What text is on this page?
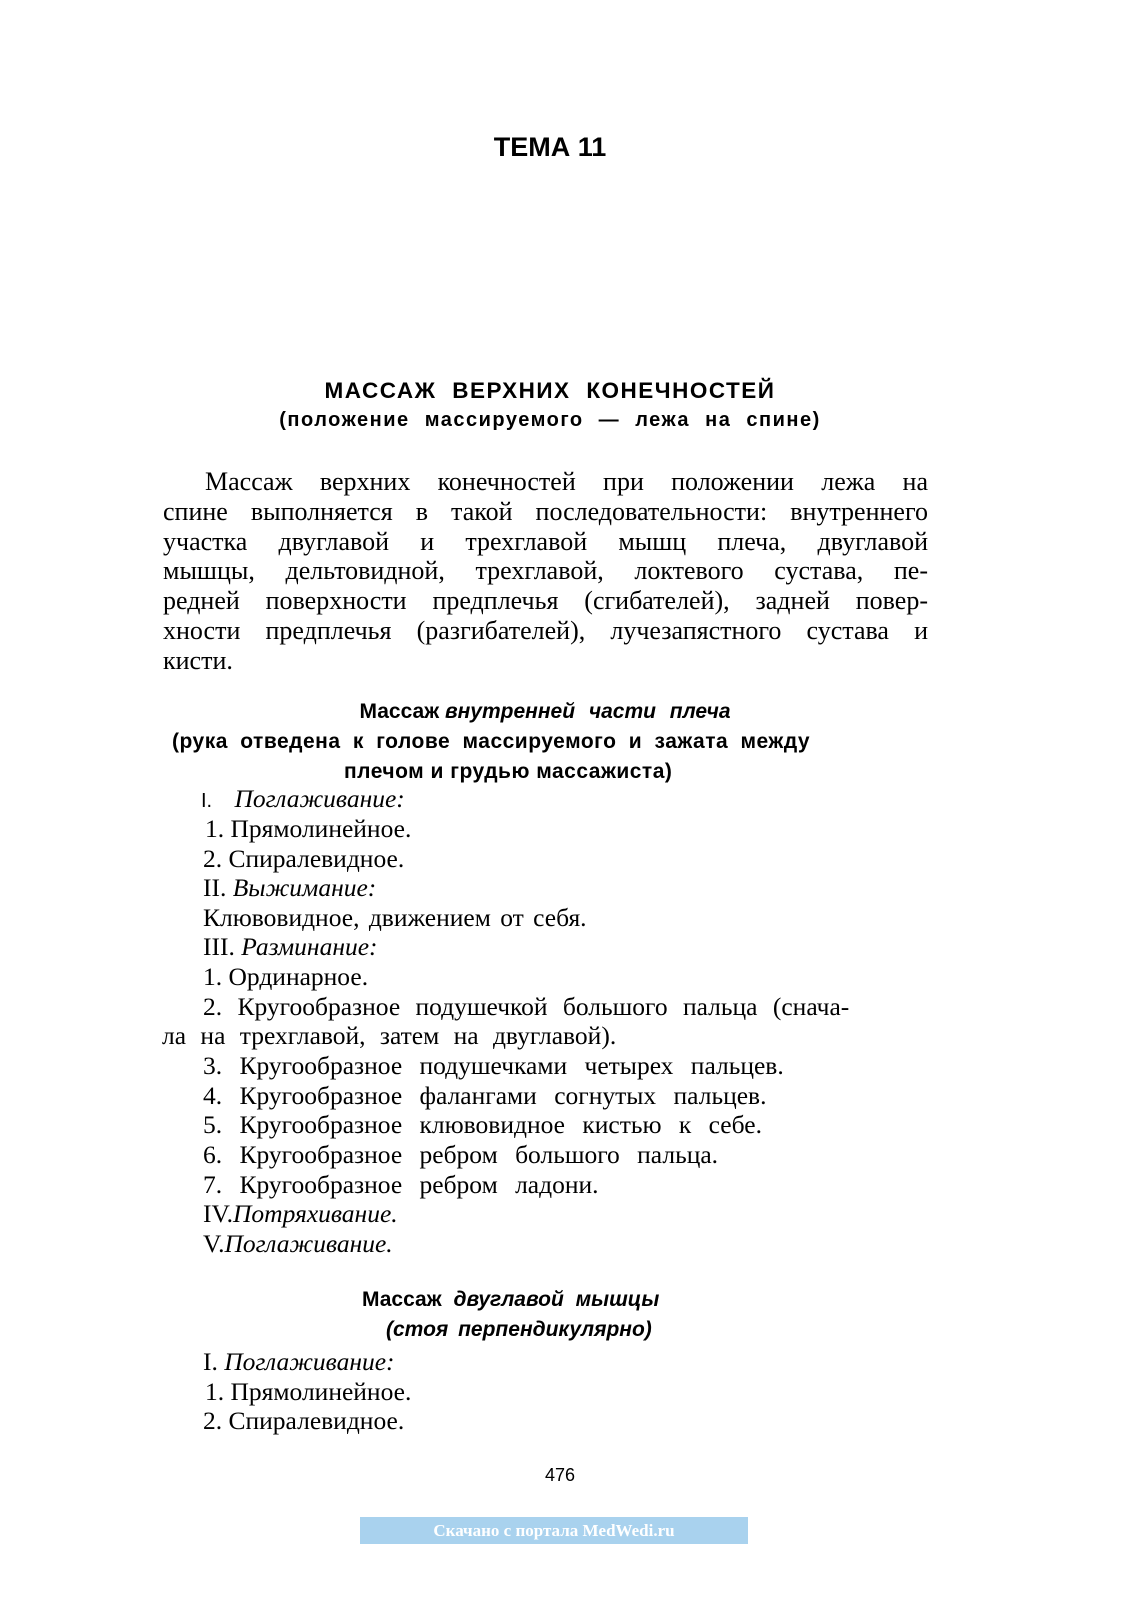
ТЕМА 11
МАССАЖ ВЕРХНИХ КОНЕЧНОСТЕЙ
(положение массируемого — лежа на спине)
Массаж верхних конечностей при положении лежа на
спине выполняется в такой последовательности: внутреннего
участка двуглавой и трехглавой мышц плеча, двуглавой
мышцы, дельтовидной, трехглавой, локтевого сустава, пе-
редней поверхности предплечья (сгибателей), задней повер-
хности предплечья (разгибателей), лучезапястного сустава и
кисти.
Массаж внутренней части плеча
(рука отведена к голове массируемого и зажата между
плечом и грудью массажиста)
I. Поглаживание:
1. Прямолинейное.
2. Спиралевидное.
II. Выжимание:
Клювовидное, движением от себя.
III. Разминание:
1. Ординарное.
2. Кругообразное подушечкой большого пальца (снача-
ла на трехглавой, затем на двуглавой).
3. Кругообразное подушечками четырех пальцев.
4. Кругообразное фалангами согнутых пальцев.
5. Кругообразное клювовидное кистью к себе.
6. Кругообразное ребром большого пальца.
7. Кругообразное ребром ладони.
IV.Потряхивание.
V.Поглаживание.
Массаж двуглавой мышцы
(стоя перпендикулярно)
I. Поглаживание:
1. Прямолинейное.
2. Спиралевидное.
476
Скачано с портала MedWedi.ru
